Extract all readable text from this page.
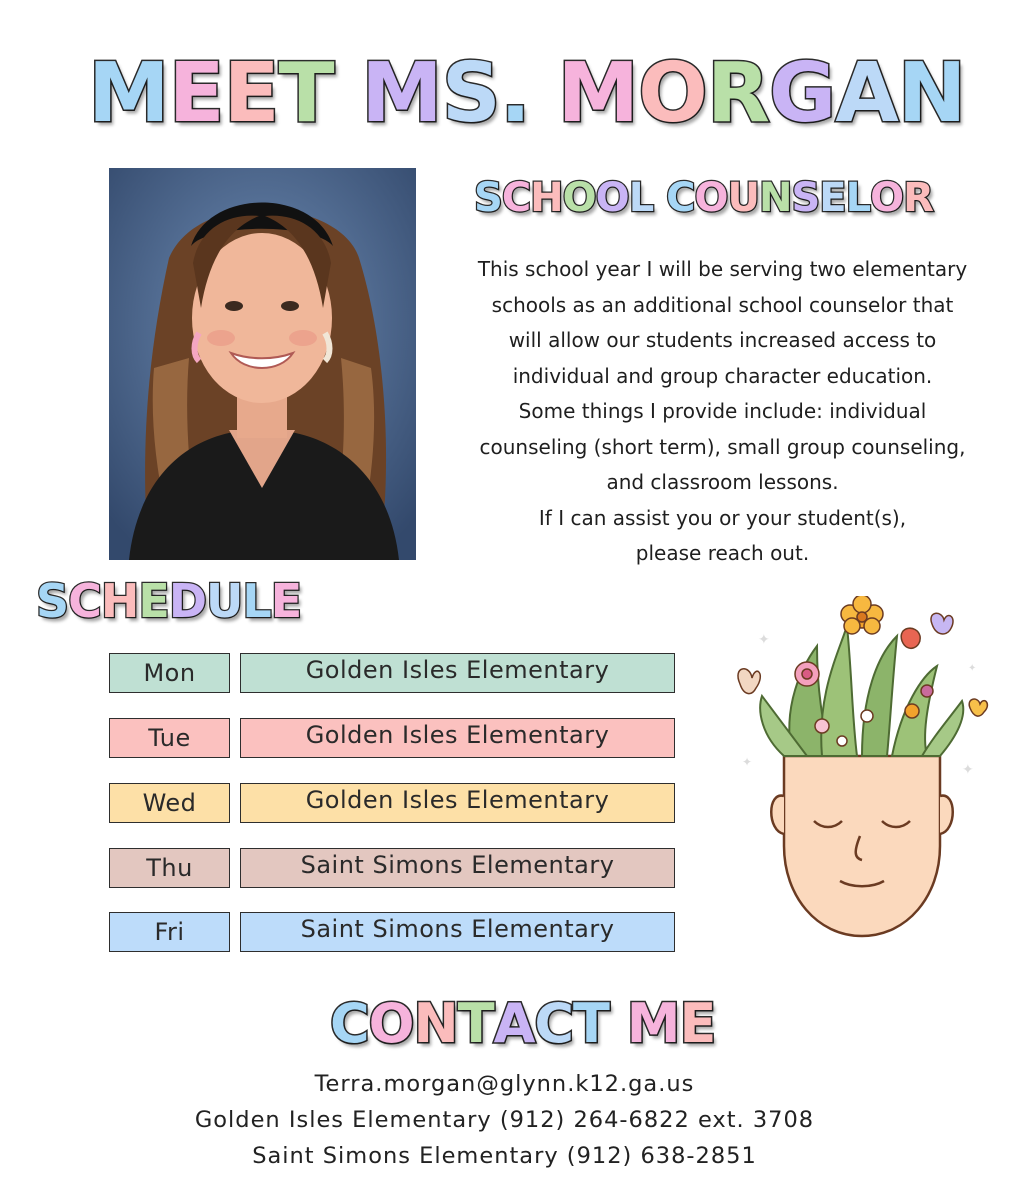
MEET MS. MORGAN
SCHOOL COUNSELOR

This school year I will be serving two elementary

schools as an additional school counselor that

will allow our students increased access to

individual and group character education.

Some things I provide include: individual

counseling (short term), small group counseling,

and classroom lessons.

If I can assist you or your student(s),

please reach out.

SCHEDULE
Mon	Golden Isles Elementary
Tue	Golden Isles Elementary
Wed	Golden Isles Elementary
Thu	Saint Simons Elementary
Fri	Saint Simons Elementary
✦
✦	✦
✦
CONTACT ME
Terra.morgan@glynn.k12.ga.us
Golden Isles Elementary (912) 264-6822 ext. 3708
Saint Simons Elementary (912) 638-2851
